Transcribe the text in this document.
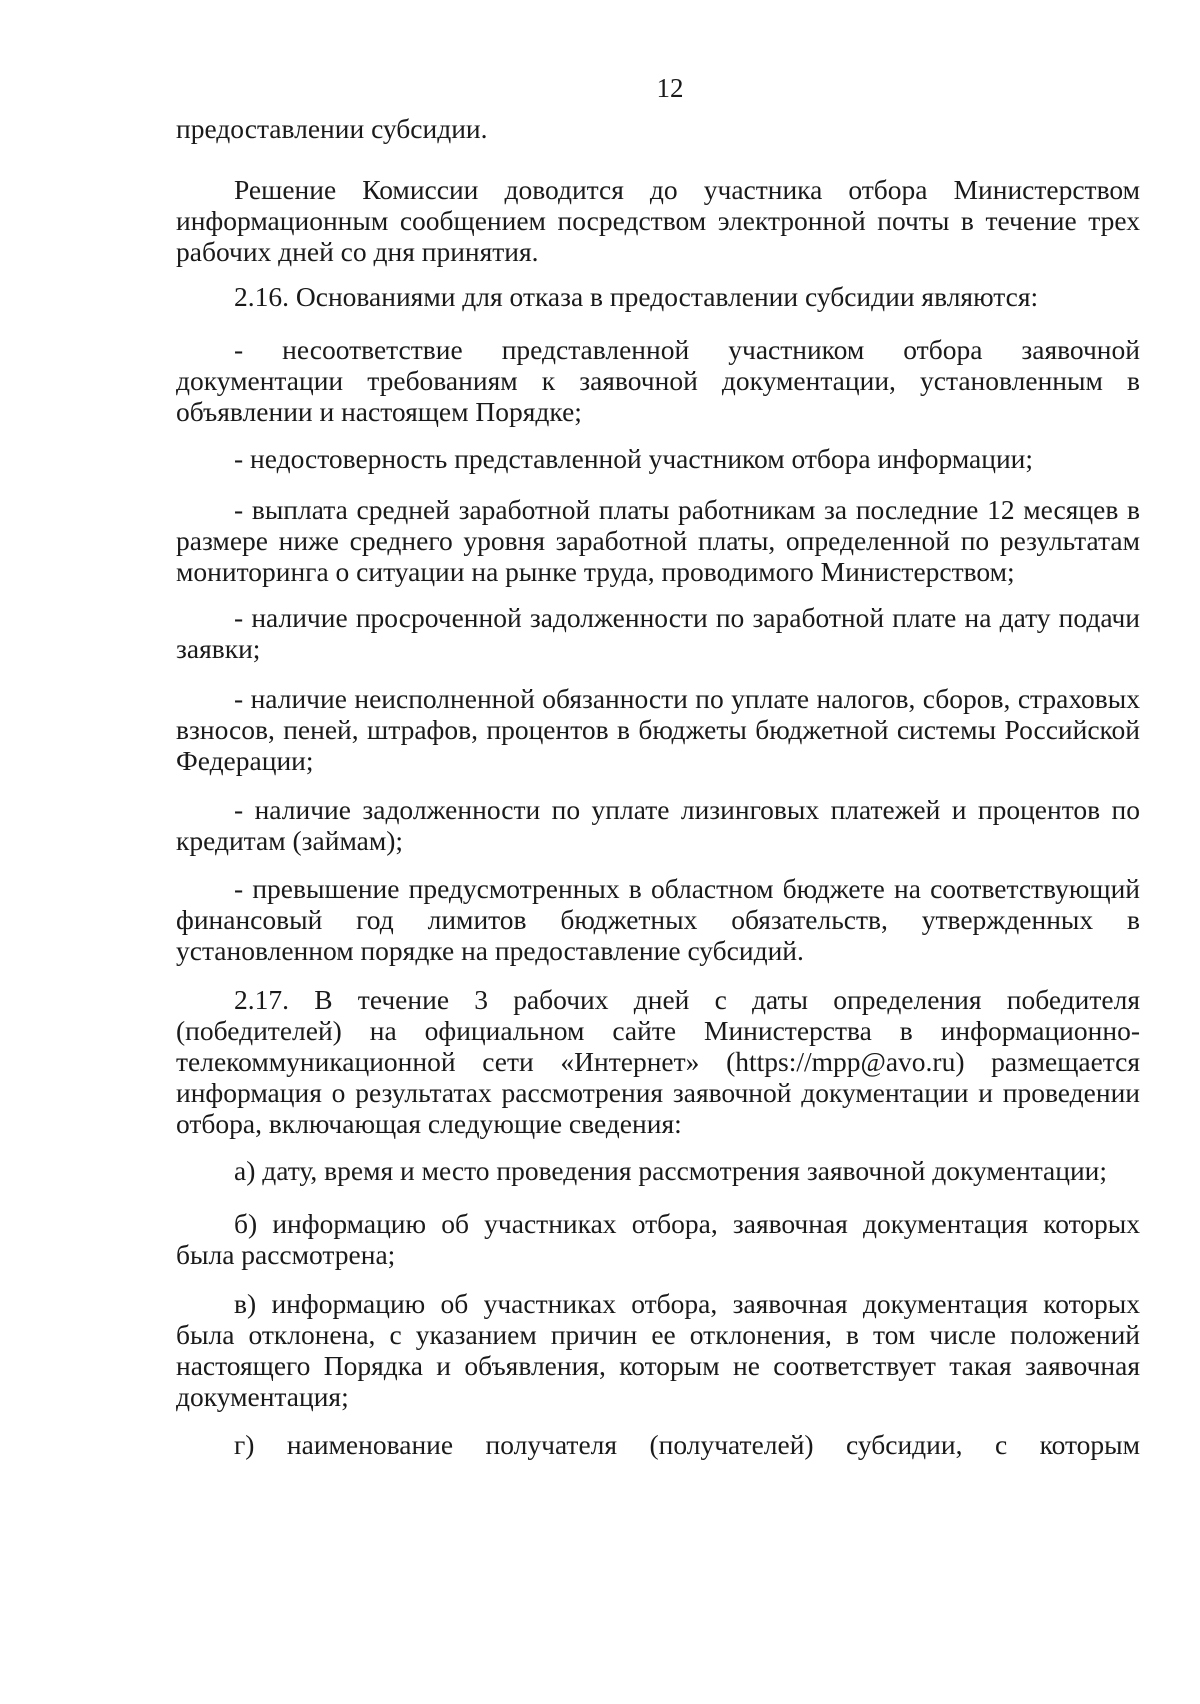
12

предоставлении субсидии.

Решение Комиссии доводится до участника отбора Министерством информационным сообщением посредством электронной почты в течение трех рабочих дней со дня принятия.

2.16. Основаниями для отказа в предоставлении субсидии являются:

- несоответствие представленной участником отбора заявочной документации требованиям к заявочной документации, установленным в объявлении и настоящем Порядке;

- недостоверность представленной участником отбора информации;

- выплата средней заработной платы работникам за последние 12 месяцев в размере ниже среднего уровня заработной платы, определенной по результатам мониторинга о ситуации на рынке труда, проводимого Министерством;

- наличие просроченной задолженности по заработной плате на дату подачи заявки;

- наличие неисполненной обязанности по уплате налогов, сборов, страховых взносов, пеней, штрафов, процентов в бюджеты бюджетной системы Российской Федерации;

- наличие задолженности по уплате лизинговых платежей и процентов по кредитам (займам);

- превышение предусмотренных в областном бюджете на соответствующий финансовый год лимитов бюджетных обязательств, утвержденных в установленном порядке на предоставление субсидий.

2.17. В течение 3 рабочих дней с даты определения победителя (победителей) на официальном сайте Министерства в информационно-телекоммуникационной сети «Интернет» (https://mpp@avo.ru) размещается информация о результатах рассмотрения заявочной документации и проведении отбора, включающая следующие сведения:

а) дату, время и место проведения рассмотрения заявочной документации;

б) информацию об участниках отбора, заявочная документация которых была рассмотрена;

в) информацию об участниках отбора, заявочная документация которых была отклонена, с указанием причин ее отклонения, в том числе положений настоящего Порядка и объявления, которым не соответствует такая заявочная документация;

г) наименование получателя (получателей) субсидии, с которым
